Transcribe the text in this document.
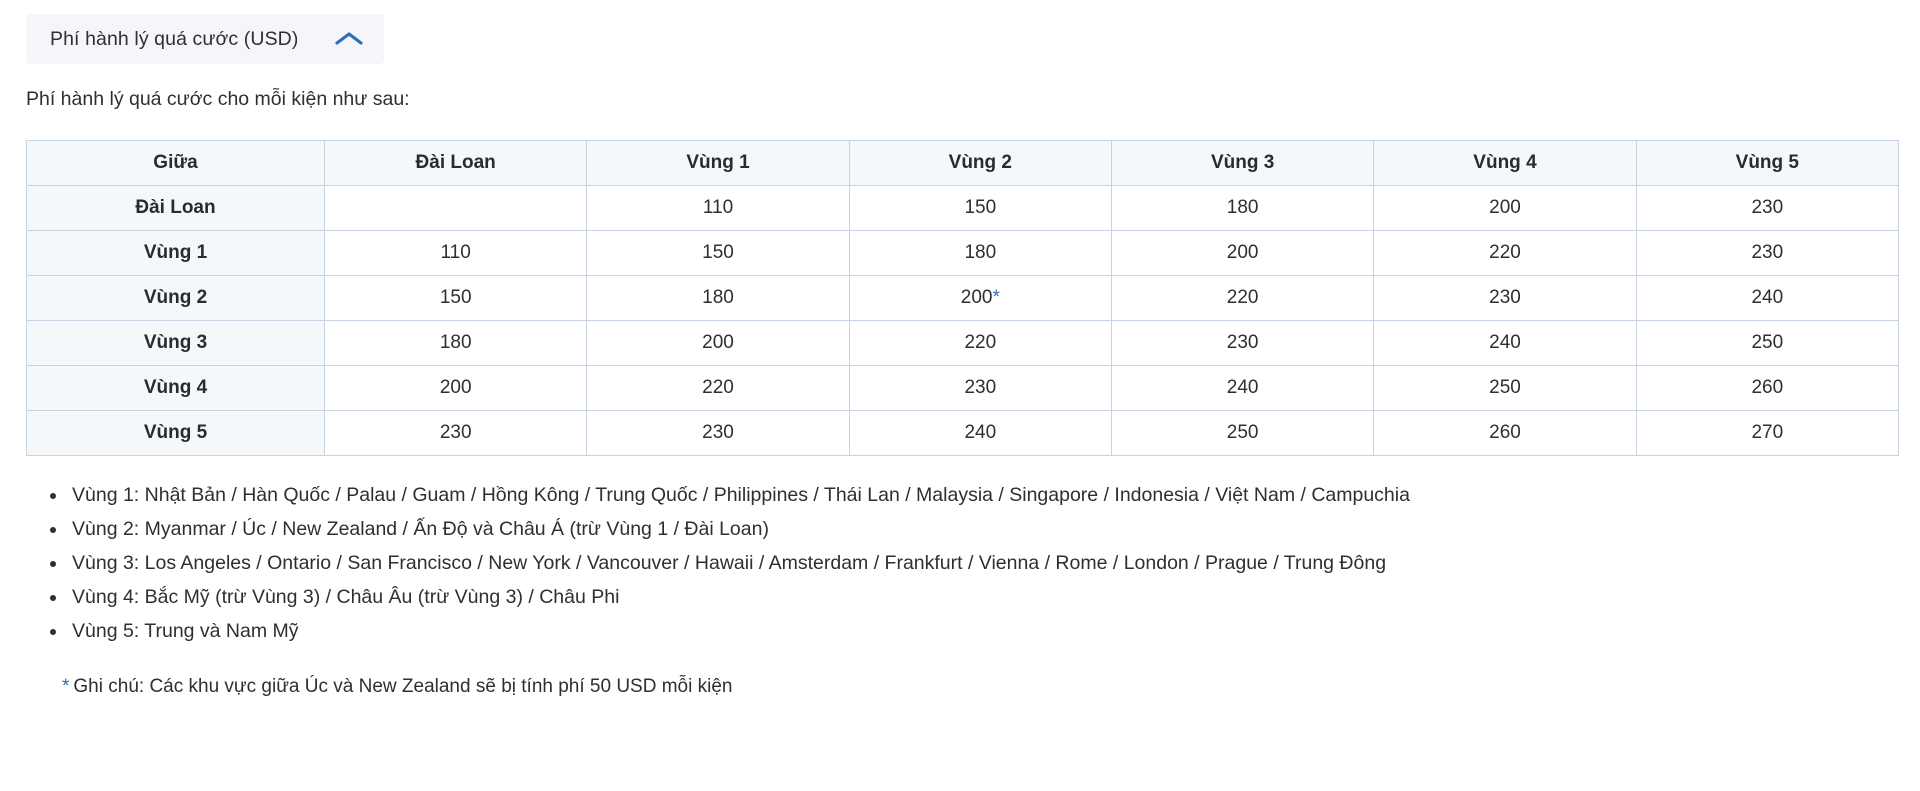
Phí hành lý quá cước (USD)

Phí hành lý quá cước cho mỗi kiện như sau:

Giữa	Đài Loan	Vùng 1	Vùng 2	Vùng 3	Vùng 4	Vùng 5
Đài Loan		110	150	180	200	230
Vùng 1	110	150	180	200	220	230
Vùng 2	150	180	200*	220	230	240
Vùng 3	180	200	220	230	240	250
Vùng 4	200	220	230	240	250	260
Vùng 5	230	230	240	250	260	270
• Vùng 1: Nhật Bản / Hàn Quốc / Palau / Guam / Hồng Kông / Trung Quốc / Philippines / Thái Lan / Malaysia / Singapore / Indonesia / Việt Nam / Campuchia
• Vùng 2: Myanmar / Úc / New Zealand / Ấn Độ và Châu Á (trừ Vùng 1 / Đài Loan)
• Vùng 3: Los Angeles / Ontario / San Francisco / New York / Vancouver / Hawaii / Amsterdam / Frankfurt / Vienna / Rome / London / Prague / Trung Đông
• Vùng 4: Bắc Mỹ (trừ Vùng 3) / Châu Âu (trừ Vùng 3) / Châu Phi
• Vùng 5: Trung và Nam Mỹ

* Ghi chú: Các khu vực giữa Úc và New Zealand sẽ bị tính phí 50 USD mỗi kiện
